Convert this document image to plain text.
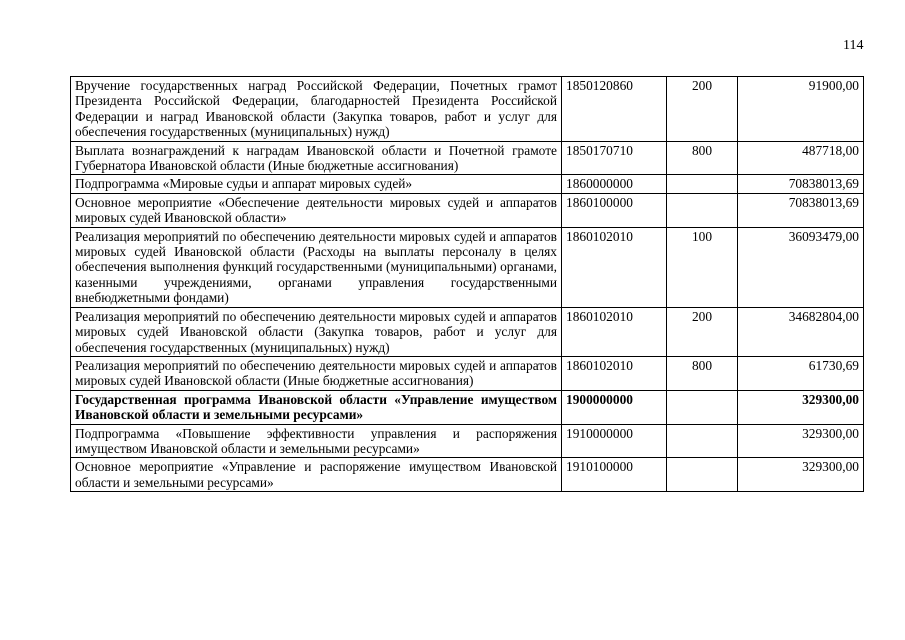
114
Вручение государственных наград Российской Федерации, Почетных грамот Президента Российской Федерации, благодарностей Президента Российской Федерации и наград Ивановской области (Закупка товаров, работ и услуг для обеспечения государственных (муниципальных) нужд)	1850120860	200	91900,00
Выплата вознаграждений к наградам Ивановской области и Почетной грамоте Губернатора Ивановской области (Иные бюджетные ассигнования)	1850170710	800	487718,00
Подпрограмма «Мировые судьи и аппарат мировых судей»	1860000000		70838013,69
Основное мероприятие «Обеспечение деятельности мировых судей и аппаратов мировых судей Ивановской области»	1860100000		70838013,69
Реализация мероприятий по обеспечению деятельности мировых судей и аппаратов мировых судей Ивановской области (Расходы на выплаты персоналу в целях обеспечения выполнения функций государственными (муниципальными) органами, казенными учреждениями, органами управления государственными внебюджетными фондами)	1860102010	100	36093479,00
Реализация мероприятий по обеспечению деятельности мировых судей и аппаратов мировых судей Ивановской области (Закупка товаров, работ и услуг для обеспечения государственных (муниципальных) нужд)	1860102010	200	34682804,00
Реализация мероприятий по обеспечению деятельности мировых судей и аппаратов мировых судей Ивановской области (Иные бюджетные ассигнования)	1860102010	800	61730,69
Государственная программа Ивановской области «Управление имуществом Ивановской области и земельными ресурсами»	1900000000		329300,00
Подпрограмма «Повышение эффективности управления и распоряжения имуществом Ивановской области и земельными ресурсами»	1910000000		329300,00
Основное мероприятие «Управление и распоряжение имуществом Ивановской области и земельными ресурсами»	1910100000		329300,00
